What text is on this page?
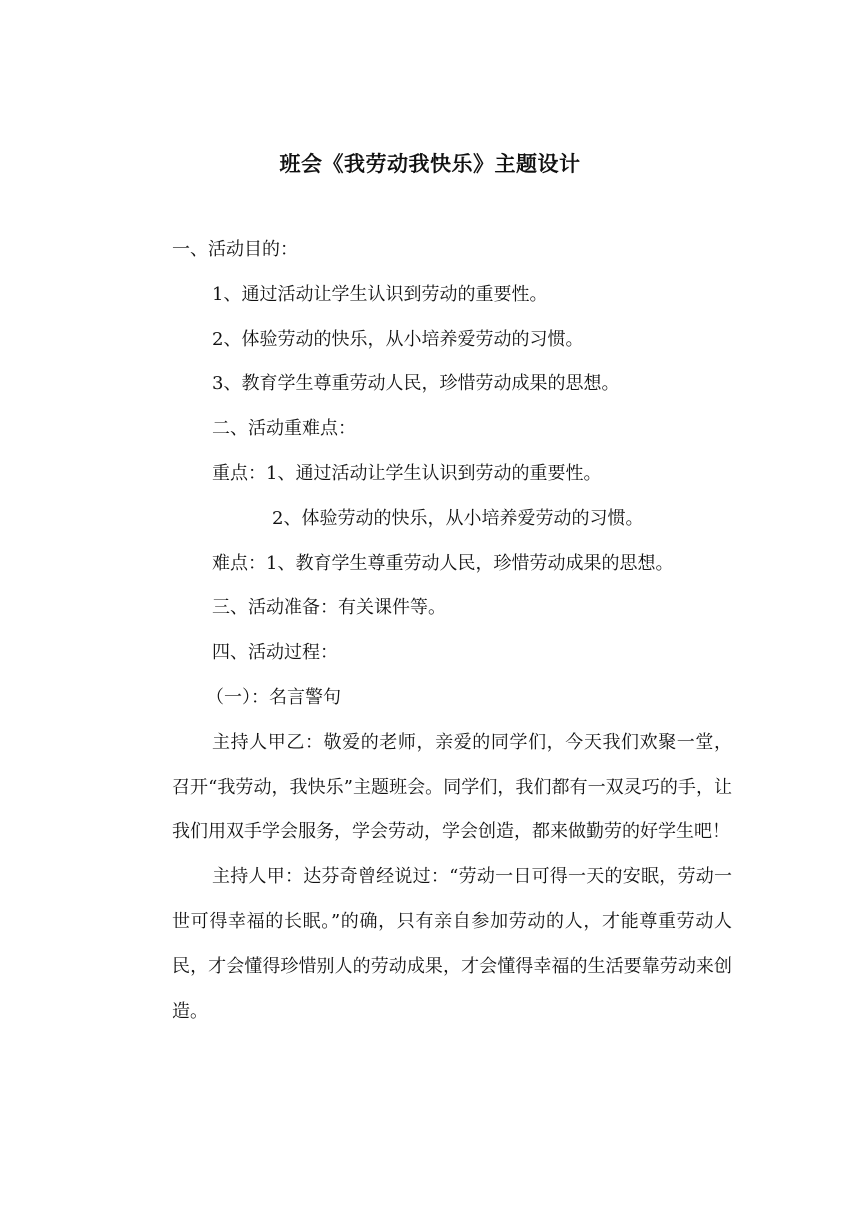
班会《我劳动我快乐》主题设计

一、活动目的：

1、通过活动让学生认识到劳动的重要性。

2、体验劳动的快乐，从小培养爱劳动的习惯。

3、教育学生尊重劳动人民，珍惜劳动成果的思想。

二、活动重难点：

重点：1、通过活动让学生认识到劳动的重要性。

2、体验劳动的快乐，从小培养爱劳动的习惯。

难点：1、教育学生尊重劳动人民，珍惜劳动成果的思想。

三、活动准备：有关课件等。

四、活动过程：

（一）：名言警句

主持人甲乙：敬爱的老师，亲爱的同学们，今天我们欢聚一堂，召开“我劳动，我快乐”主题班会。同学们，我们都有一双灵巧的手，让我们用双手学会服务，学会劳动，学会创造，都来做勤劳的好学生吧！

主持人甲：达芬奇曾经说过：“劳动一日可得一天的安眠，劳动一世可得幸福的长眠。”的确，只有亲自参加劳动的人，才能尊重劳动人民，才会懂得珍惜别人的劳动成果，才会懂得幸福的生活要靠劳动来创造。
